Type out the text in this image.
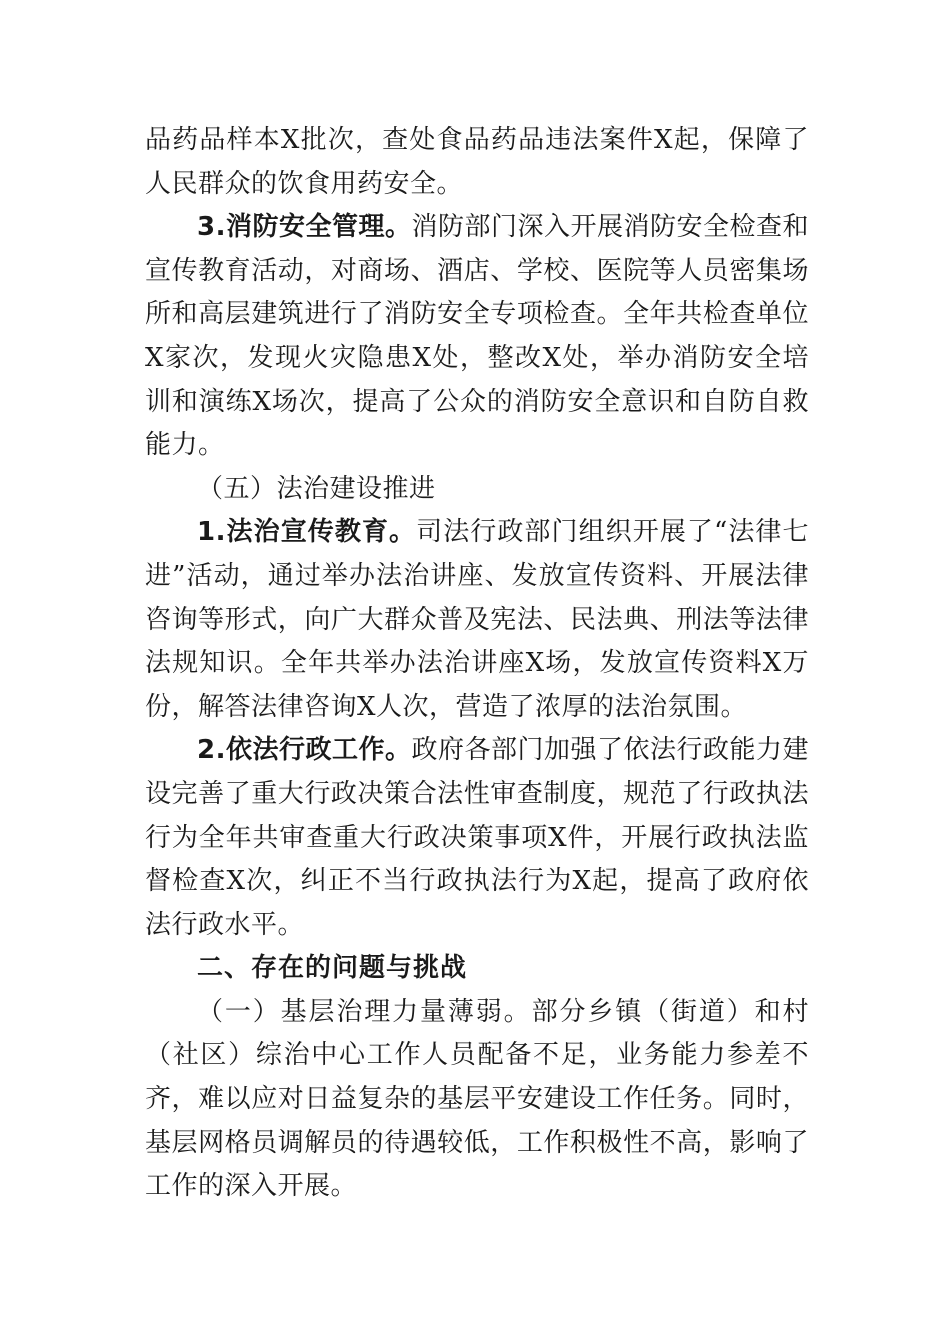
品药品样本X批次，查处食品药品违法案件X起，保障了人民群众的饮食用药安全。

3.消防安全管理。消防部门深入开展消防安全检查和宣传教育活动，对商场、酒店、学校、医院等人员密集场所和高层建筑进行了消防安全专项检查。全年共检查单位X家次，发现火灾隐患X处，整改X处，举办消防安全培训和演练X场次，提高了公众的消防安全意识和自防自救能力。

（五）法治建设推进

1.法治宣传教育。司法行政部门组织开展了“法律七进”活动，通过举办法治讲座、发放宣传资料、开展法律咨询等形式，向广大群众普及宪法、民法典、刑法等法律法规知识。全年共举办法治讲座X场，发放宣传资料X万份，解答法律咨询X人次，营造了浓厚的法治氛围。

2.依法行政工作。政府各部门加强了依法行政能力建设完善了重大行政决策合法性审查制度，规范了行政执法行为全年共审查重大行政决策事项X件，开展行政执法监督检查X次，纠正不当行政执法行为X起，提高了政府依法行政水平。

二、存在的问题与挑战

（一）基层治理力量薄弱。部分乡镇（街道）和村（社区）综治中心工作人员配备不足，业务能力参差不齐，难以应对日益复杂的基层平安建设工作任务。同时，基层网格员调解员的待遇较低，工作积极性不高，影响了工作的深入开展。
